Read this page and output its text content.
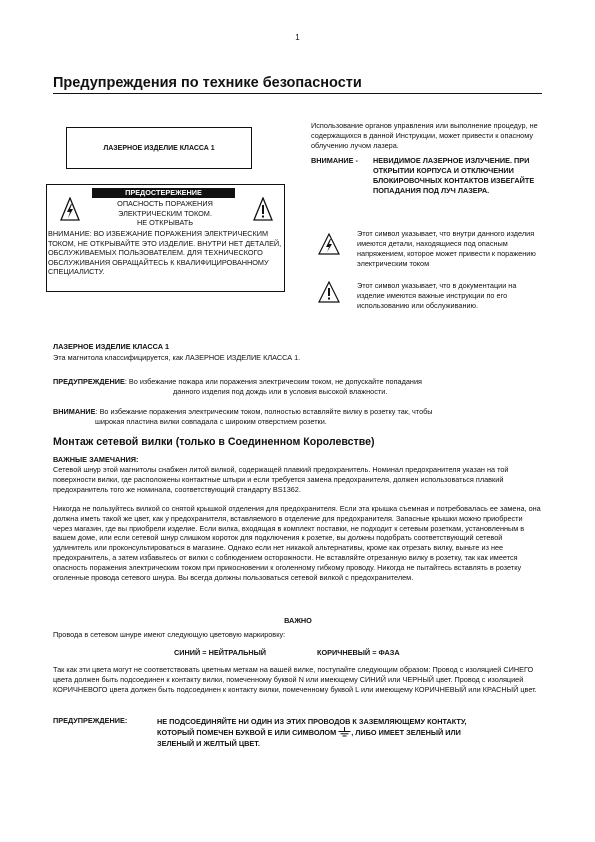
1
Предупреждения по технике безопасности
ЛАЗЕРНОЕ ИЗДЕЛИЕ КЛАССА 1
ПРЕДОСТЕРЕЖЕНИЕ
ОПАСНОСТЬ ПОРАЖЕНИЯ
ЭЛЕКТРИЧЕСКИМ ТОКОМ.
НЕ ОТКРЫВАТЬ
ВНИМАНИЕ: ВО ИЗБЕЖАНИЕ ПОРАЖЕНИЯ ЭЛЕКТРИЧЕСКИМ ТОКОМ, НЕ ОТКРЫВАЙТЕ ЭТО ИЗДЕЛИЕ. ВНУТРИ НЕТ ДЕТАЛЕЙ, ОБСЛУЖИВАЕМЫХ ПОЛЬЗОВАТЕЛЕМ. ДЛЯ ТЕХНИЧЕСКОГО ОБСЛУЖИВАНИЯ ОБРАЩАЙТЕСЬ К КВАЛИФИЦИРОВАННОМУ СПЕЦИАЛИСТУ.
Использование органов управления или выполнение процедур, не содержащихся в данной Инструкции, может привести к опасному облучению лучом лазера.
ВНИМАНИЕ - НЕВИДИМОЕ ЛАЗЕРНОЕ ИЗЛУЧЕНИЕ. ПРИ ОТКРЫТИИ КОРПУСА И ОТКЛЮЧЕНИИ БЛОКИРОВОЧНЫХ КОНТАКТОВ ИЗБЕГАЙТЕ ПОПАДАНИЯ ПОД ЛУЧ ЛАЗЕРА.
Этот символ указывает, что внутри данного изделия имеются детали, находящиеся под опасным напряжением, которое может привести к поражению электрическим током
Этот символ указывает, что в документации на изделие имеются важные инструкции по его использованию или обслуживанию.
ЛАЗЕРНОЕ ИЗДЕЛИЕ КЛАССА 1
Эта магнитола классифицируется, как ЛАЗЕРНОЕ ИЗДЕЛИЕ КЛАССА 1.
ПРЕДУПРЕЖДЕНИЕ: Во избежание пожара или поражения электрическим током, не допускайте попадания
данного изделия под дождь или в условия высокой влажности.
ВНИМАНИЕ: Во избежание поражения электрическим током, полностью вставляйте вилку в розетку так, чтобы
широкая пластина вилки совпадала с широким отверстием розетки.
Монтаж сетевой вилки (только в Соединенном Королевстве)
ВАЖНЫЕ ЗАМЕЧАНИЯ:
Сетевой шнур этой магнитолы снабжен литой вилкой, содержащей плавкий предохранитель. Номинал предохранителя указан на той поверхности вилки, где расположены контактные штыри и если требуется замена предохранителя, должен использоваться плавкий предохранитель того же номинала, соответствующий стандарту BS1362.
Никогда не пользуйтесь вилкой со снятой крышкой отделения для предохранителя. Если эта крышка съемная и потребовалась ее замена, она должна иметь такой же цвет, как у предохранителя, вставляемого в отделение для предохранителя. Запасные крышки можно приобрести через магазин, где вы приобрели изделие. Если вилка, входящая в комплект поставки, не подходит к сетевым розеткам, установленным в вашем доме, или если сетевой шнур слишком короток для подключения к розетке, вы должны подобрать соответствующий сетевой удлинитель или проконсультироваться в магазине. Однако если нет никакой альтернативы, кроме как отрезать вилку, выньте из нее предохранитель, а затем избавьтесь от вилки с соблюдением осторожности. Не вставляйте отрезанную вилку в розетку, так как имеется опасность поражения электрическим током при прикосновении к оголенному гибкому проводу. Никогда не пытайтесь вставлять в розетку оголенные провода сетевого шнура. Вы всегда должны пользоваться сетевой вилкой с предохранителем.
ВАЖНО
Провода в сетевом шнуре имеют следующую цветовую маркировку:
СИНИЙ = НЕЙТРАЛЬНЫЙ	КОРИЧНЕВЫЙ = ФАЗА
Так как эти цвета могут не соответствовать цветным меткам на вашей вилке, поступайте следующим образом: Провод с изоляцией СИНЕГО цвета должен быть подсоединен к контакту вилки, помеченному буквой N или имеющему СИНИЙ или ЧЕРНЫЙ цвет. Провод с изоляцией КОРИЧНЕВОГО цвета должен быть подсоединен к контакту вилки, помеченному буквой L или имеющему КОРИЧНЕВЫЙ или КРАСНЫЙ цвет.
ПРЕДУПРЕЖДЕНИЕ:	НЕ ПОДСОЕДИНЯЙТЕ НИ ОДИН ИЗ ЭТИХ ПРОВОДОВ К ЗАЗЕМЛЯЮЩЕМУ КОНТАКТУ, КОТОРЫЙ ПОМЕЧЕН БУКВОЙ Е ИЛИ СИМВОЛОМ , ЛИБО ИМЕЕТ ЗЕЛЕНЫЙ ИЛИ ЗЕЛЕНЫЙ И ЖЕЛТЫЙ ЦВЕТ.
